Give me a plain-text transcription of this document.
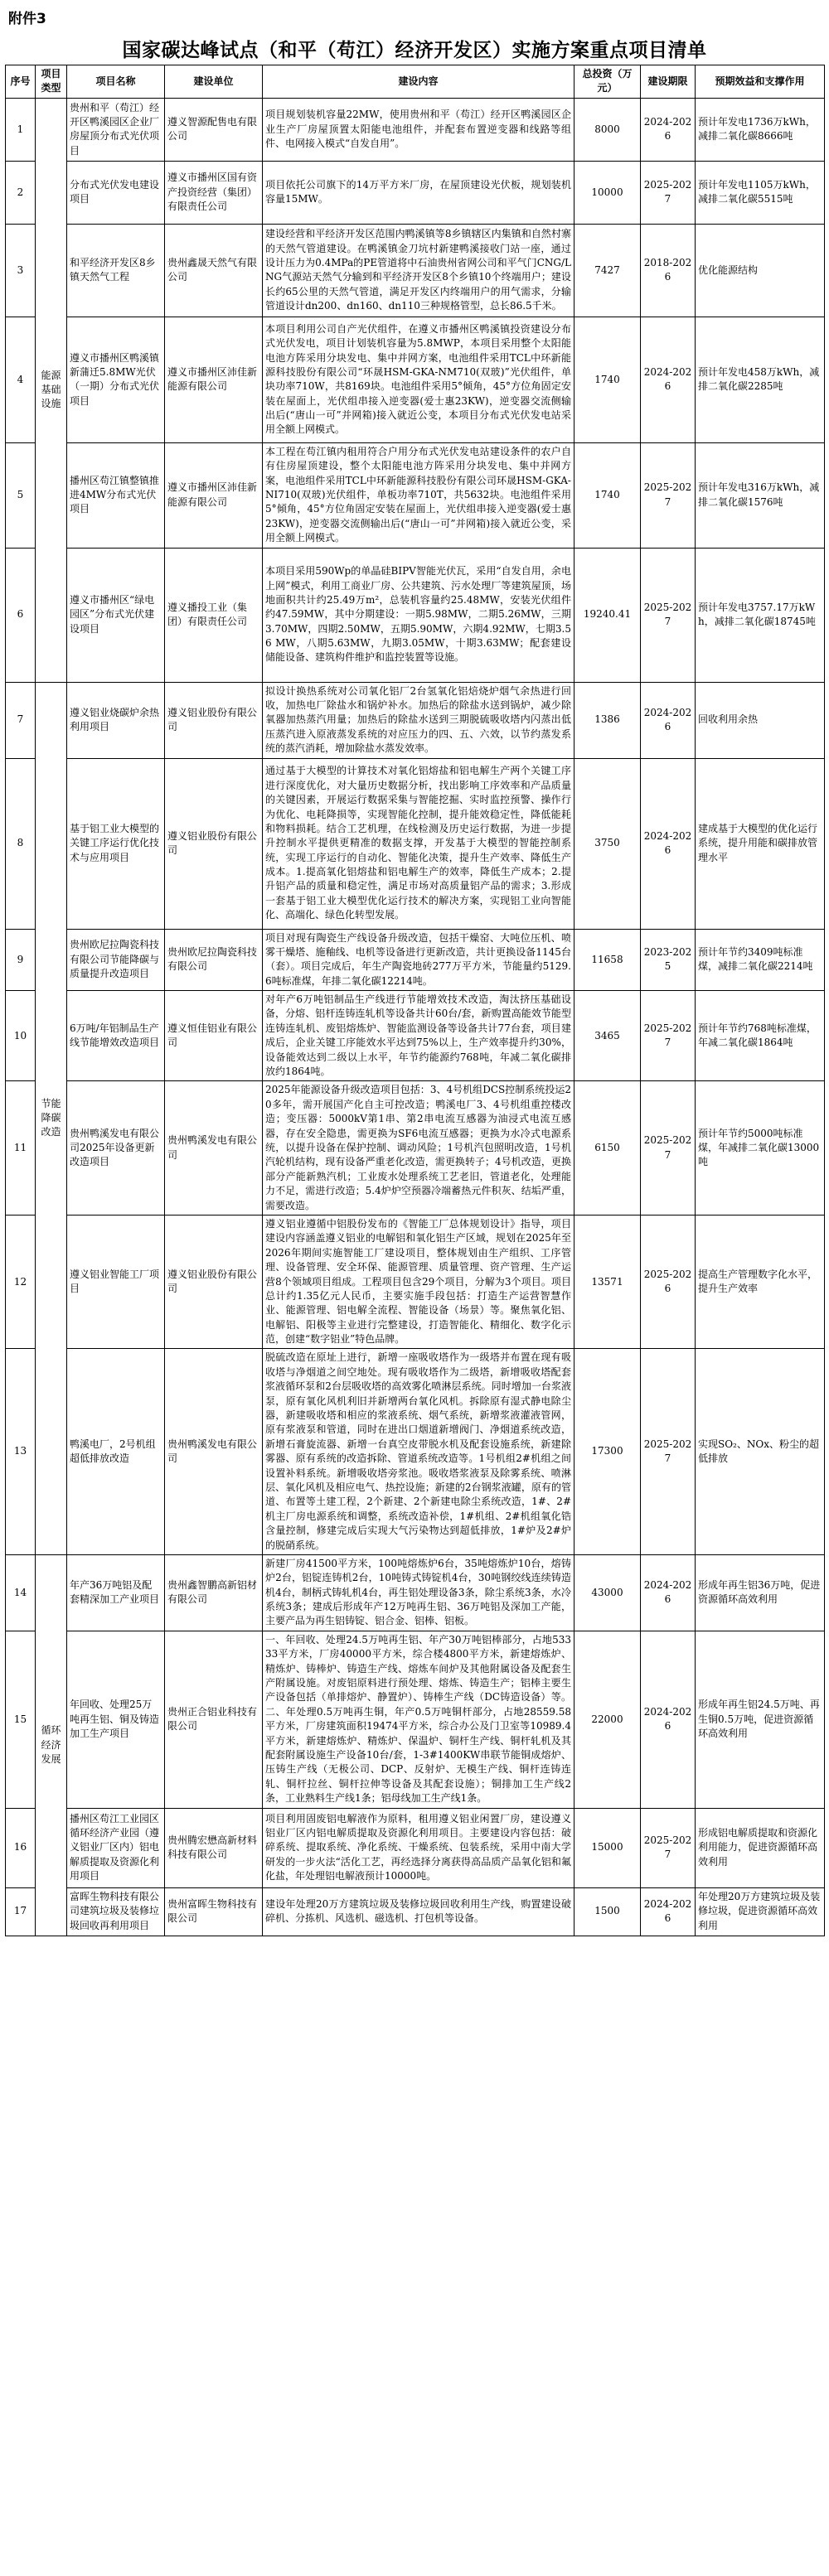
附件3
国家碳达峰试点（和平（苟江）经济开发区）实施方案重点项目清单
序号	项目类型	项目名称	建设单位	建设内容	总投资（万元）	建设期限	预期效益和支撑作用
1	能源基础设施	贵州和平（苟江）经开区鸭溪园区企业厂房屋顶分布式光伏项目	遵义智源配售电有限公司	项目规划装机容量22MW，使用贵州和平（苟江）经开区鸭溪园区企业生产厂房屋顶置太阳能电池组件，并配套布置逆变器和线路等组件、电网接入模式“自发自用”。	8000	2024-2026	预计年发电1736万kWh，减排二氧化碳8666吨
2		分布式光伏发电建设项目	遵义市播州区国有资产投资经营（集团）有限责任公司	项目依托公司旗下的14万平方米厂房，在屋顶建设光伏板，规划装机容量15MW。	10000	2025-2027	预计年发电1105万kWh，减排二氧化碳5515吨
3		和平经济开发区8乡镇天然气工程	贵州鑫晟天然气有限公司	建设经营和平经济开发区范围内鸭溪镇等8乡镇辖区内集镇和自然村寨的天然气管道建设。在鸭溪镇金刀坑村新建鸭溪接收门站一座，通过设计压力为0.4MPa的PE管道将中石油贵州省网公司和平气门CNG/LNG气源站天然气分输到和平经济开发区8个乡镇10个终端用户；建设长约65公里的天然气管道，满足开发区内终端用户的用气需求，分输管道设计dn200、dn160、dn110三种规格管型，总长86.5千米。	7427	2018-2026	优化能源结构
4		遵义市播州区鸭溪镇新蒲迁5.8MW光伏（一期）分布式光伏项目	遵义市播州区沛佳新能源有限公司	本项目利用公司自产光伏组件，在遵义市播州区鸭溪镇投资建设分布式光伏发电，项目计划装机容量为5.8MWP，本项目采用整个太阳能电池方阵采用分块发电、集中并网方案，电池组件采用TCL中环新能源科技股份有限公司“环晟HSM-GKA-NM710(双玻)”光伏组件，单块功率710W，共8169块。电池组件采用5°倾角，45°方位角固定安装在屋面上，光伏组串接入逆变器(爱士惠23KW)，逆变器交流侧输出后(“唐山一可”并网箱)接入就近公变，本项目分布式光伏发电站采用全额上网模式。	1740	2024-2026	预计年发电458万kWh，减排二氧化碳2285吨
5		播州区苟江镇整镇推进4MW分布式光伏项目	遵义市播州区沛佳新能源有限公司	本工程在苟江镇内租用符合户用分布式光伏发电站建设条件的农户自有住房屋顶建设，整个太阳能电池方阵采用分块发电、集中并网方案，电池组件采用TCL中环新能源科技股份有限公司环晟HSM-GKA-NI710(双玻)光伏组件，单板功率710T，共5632块。电池组件采用5°倾角，45°方位角固定安装在屋面上，光伏组串接入逆变器(爱士惠23KW)，逆变器交流侧输出后(“唐山一可”并网箱)接入就近公变，采用全额上网模式。	1740	2025-2027	预计年发电316万kWh，减排二氧化碳1576吨
6		遵义市播州区“绿电园区”分布式光伏建设项目	遵义播投工业（集团）有限责任公司	本项目采用590Wp的单晶硅BIPV智能光伏瓦，采用“自发自用，余电上网”模式，利用工商业厂房、公共建筑、污水处理厂等建筑屋顶，场地面积共计约25.49万m²，总装机容量约25.48MW，安装光伏组件约47.59MW，其中分期建设：一期5.98MW，二期5.26MW，三期3.70MW，四期2.50MW，五期5.90MW，六期4.92MW，七期3.56 MW，八期5.63MW，九期3.05MW，十期3.63MW；配套建设储能设备、建筑构件维护和监控装置等设施。	19240.41	2025-2027	预计年发电3757.17万kWh，减排二氧化碳18745吨
7	节能降碳改造	遵义铝业烧碳炉余热利用项目	遵义铝业股份有限公司	拟设计换热系统对公司氧化铝厂2台氢氧化铝焙烧炉烟气余热进行回收，加热电厂除盐水和锅炉补水。加热后的除盐水送到锅炉，减少除氧器加热蒸汽用量；加热后的除盐水送到三期脱硫吸收塔内闪蒸出低压蒸汽进入原液蒸发系统的对应压力的四、五、六效，以节约蒸发系统的蒸汽消耗，增加除盐水蒸发效率。	1386	2024-2026	回收利用余热
8		基于铝工业大模型的关键工序运行优化技术与应用项目	遵义铝业股份有限公司	通过基于大模型的计算技术对氧化铝熔盐和铝电解生产两个关键工序进行深度优化，对大量历史数据分析，找出影响工序效率和产品质量的关键因素，开展运行数据采集与智能挖掘、实时监控预警、操作行为优化、电耗降损等，实现智能化控制，提升能效稳定性，降低能耗和物料损耗。结合工艺机理，在线检测及历史运行数据，为进一步提升控制水平提供更精准的数据支撑，开发基于大模型的智能控制系统，实现工序运行的自动化、智能化决策，提升生产效率、降低生产成本。1.提高氧化铝熔盐和铝电解生产的效率，降低生产成本；2.提升铝产品的质量和稳定性，满足市场对高质量铝产品的需求；3.形成一套基于铝工业大模型优化运行技术的解决方案，实现铝工业向智能化、高端化、绿色化转型发展。	3750	2024-2026	建成基于大模型的优化运行系统，提升用能和碳排放管理水平
9		贵州欧尼拉陶瓷科技有限公司节能降碳与质量提升改造项目	贵州欧尼拉陶瓷科技有限公司	项目对现有陶瓷生产线设备升级改造，包括干燥窑、大吨位压机、喷雾干燥塔、施釉线、电机等设备进行更新改造，共计更换设备1145台（套）。项目完成后，年生产陶瓷地砖277万平方米，节能量约5129.6吨标准煤，年排二氧化碳12214吨。	11658	2023-2025	预计年节约3409吨标准煤，减排二氧化碳2214吨
10		6万吨/年铝制品生产线节能增效改造项目	遵义恒佳铝业有限公司	对年产6万吨铝制品生产线进行节能增效技术改造，淘汰挤压基础设备，分熔、铝杆连铸连轧机等设备共计60台/套，新购置高能效节能型连铸连轧机、废铝熔炼炉、智能监测设备等设备共计77台套，项目建成后，企业关键工序能效水平达到75%以上，生产效率提升约30%，设备能效达到二级以上水平，年节约能源约768吨，年减二氧化碳排放约1864吨。	3465	2025-2027	预计年节约768吨标准煤，年减二氧化碳1864吨
11		贵州鸭溪发电有限公司2025年设备更新改造项目	贵州鸭溪发电有限公司	2025年能源设备升级改造项目包括：3、4号机组DCS控制系统投运20多年，需开展国产化自主可控改造；鸭溪电厂3、4号机组重控楼改造；变压器：5000kV第1串、第2串电流互感器为油浸式电流互感器，存在安全隐患，需更换为SF6电流互感器；更换为水冷式电源系统，以提升设备在保护控制、调动风险；1号机汽包照明改造，1号机汽轮机结构，现有设备严重老化改造，需更换转子；4号机改造，更换部分产能新熟汽机；工业废水处理系统工艺老旧，管道老化，处理能力不足，需进行改造；5.4炉炉空预器冷端蓄热元件积灰、结垢严重，需要改造。	6150	2025-2027	预计年节约5000吨标准煤，年减排二氧化碳13000吨
12		遵义铝业智能工厂项目	遵义铝业股份有限公司	遵义铝业遵循中铝股份发布的《智能工厂总体规划设计》指导，项目建设内容涵盖遵义铝业的电解铝和氧化铝生产区域，规划在2025年至2026年期间实施智能工厂建设项目，整体规划由生产组织、工序管理、设备管理、安全环保、能源管理、质量管理、资产管理、生产运营8个领域项目组成。工程项目包含29个项目，分解为3个项目。项目总计约1.35亿元人民币，主要实施手段包括：打造生产运营智慧作业、能源管理、铝电解全流程、智能设备（场景）等。聚焦氧化铝、电解铝、阳极等主业进行完整建设，打造智能化、精细化、数字化示范，创建“数字铝业”特色品牌。	13571	2025-2026	提高生产管理数字化水平，提升生产效率
13		鸭溪电厂，2号机组超低排放改造	贵州鸭溪发电有限公司	脱硫改造在原址上进行，新增一座吸收塔作为一级塔并布置在现有吸收塔与净烟道之间空地处。现有吸收塔作为二级塔，新增吸收塔配套浆液循环泵和2台层吸收塔的高效雾化喷淋层系统。同时增加一台浆液泵，原有氧化风机利旧并新增两台氧化风机。拆除原有湿式静电除尘器，新建吸收塔和相应的浆液系统、烟气系统，新增浆液灌液管网，原有浆液泵和管道，同时在进出口烟道新增阀门、净烟道系统改造，新增石膏旋流器、新增一台真空皮带脱水机及配套设施系统，新建除雾器、原有系统的改造拆除、管道系统改造等。1号机组2#机组之间设置补料系统。新增吸收塔旁浆池。吸收塔浆液泵及除雾系统、喷淋层、氧化风机及相应电气、热控设施；新建的2台钢浆液罐，原有的管道、布置等土建工程，2个新建、2个新建电除尘系统改造，1#、2#机主厂房电源系统和调整，系统改造补偿，1#机组、2#机组氧化锆含量控制，修建完成后实现大气污染物达到超低排放，1#炉及2#炉的脱硝系统。	17300	2025-2027	实现SO₂、NOx、粉尘的超低排放
14	循环经济发展	年产36万吨铝及配套精深加工产业项目	贵州鑫智鹏高新铝材有限公司	新建厂房41500平方米，100吨熔炼炉6台，35吨熔炼炉10台，熔铸炉2台，铝锭连铸机2台，10吨铸式铸锭机4台，30吨钢绞线连续铸造机4台，制柄式铸轧机4台，再生铝处理设备3条，除尘系统3条，水冷系统3条；建成后形成年产12万吨再生铝、36万吨铝及深加工产能，主要产品为再生铝铸锭、铝合金、铝棒、铝板。	43000	2024-2026	形成年再生铝36万吨，促进资源循环高效利用
15		年回收、处理25万吨再生铝、铜及铸造加工生产项目	贵州正合铝业科技有限公司	一、年回收、处理24.5万吨再生铝、年产30万吨铝棒部分，占地53333平方米，厂房40000平方米，综合楼4800平方米，新建熔炼炉、精炼炉、铸棒炉、铸造生产线、熔炼车间炉及其他附属设备及配套生产附属设施。对废铝原料进行预处理、熔炼、铸造生产；铝棒主要生产设备包括（单排熔炉、静置炉）、铸棒生产线（DC铸造设备）等。二、年处理0.5万吨再生铜，年产0.5万吨铜杆部分，占地28559.58平方米，厂房建筑面积19474平方米，综合办公及门卫室等10989.4平方米，新建熔炼炉、精炼炉、保温炉、铜杆生产线、铜杆轧机及其配套附属设施生产设备10台/套，1-3#1400KW串联节能铜成熔炉、压铸生产线（无极公司、DCP、反射炉、无模生产线、铜杆连铸连轧、铜杆拉丝、铜杆拉伸等设备及其配套设施）；铜排加工生产线2条，工业熟料生产线1条；铝母线加工生产线1条。	22000	2024-2026	形成年再生铝24.5万吨、再生铜0.5万吨，促进资源循环高效利用
16		播州区苟江工业园区循环经济产业园（遵义铝业厂区内）铝电解质提取及资源化利用项目	贵州腾宏懋高新材料科技有限公司	项目利用固废铝电解液作为原料，租用遵义铝业闲置厂房，建设遵义铝业厂区内铝电解质提取及资源化利用项目。主要建设内容包括：破碎系统、提取系统、净化系统、干燥系统、包装系统，采用中南大学研发的一步火法“活化工艺，再经选择分离获得高品质产品氧化铝和氟化盐，年处理铝电解液预计10000吨。	15000	2025-2027	形成铝电解质提取和资源化利用能力，促进资源循环高效利用
17		富晖生物科技有限公司建筑垃圾及装修垃圾回收再利用项目	贵州富晖生物科技有限公司	建设年处理20万方建筑垃圾及装修垃圾回收利用生产线，购置建设破碎机、分拣机、风选机、磁选机、打包机等设备。	1500	2024-2026	年处理20万方建筑垃圾及装修垃圾，促进资源循环高效利用
